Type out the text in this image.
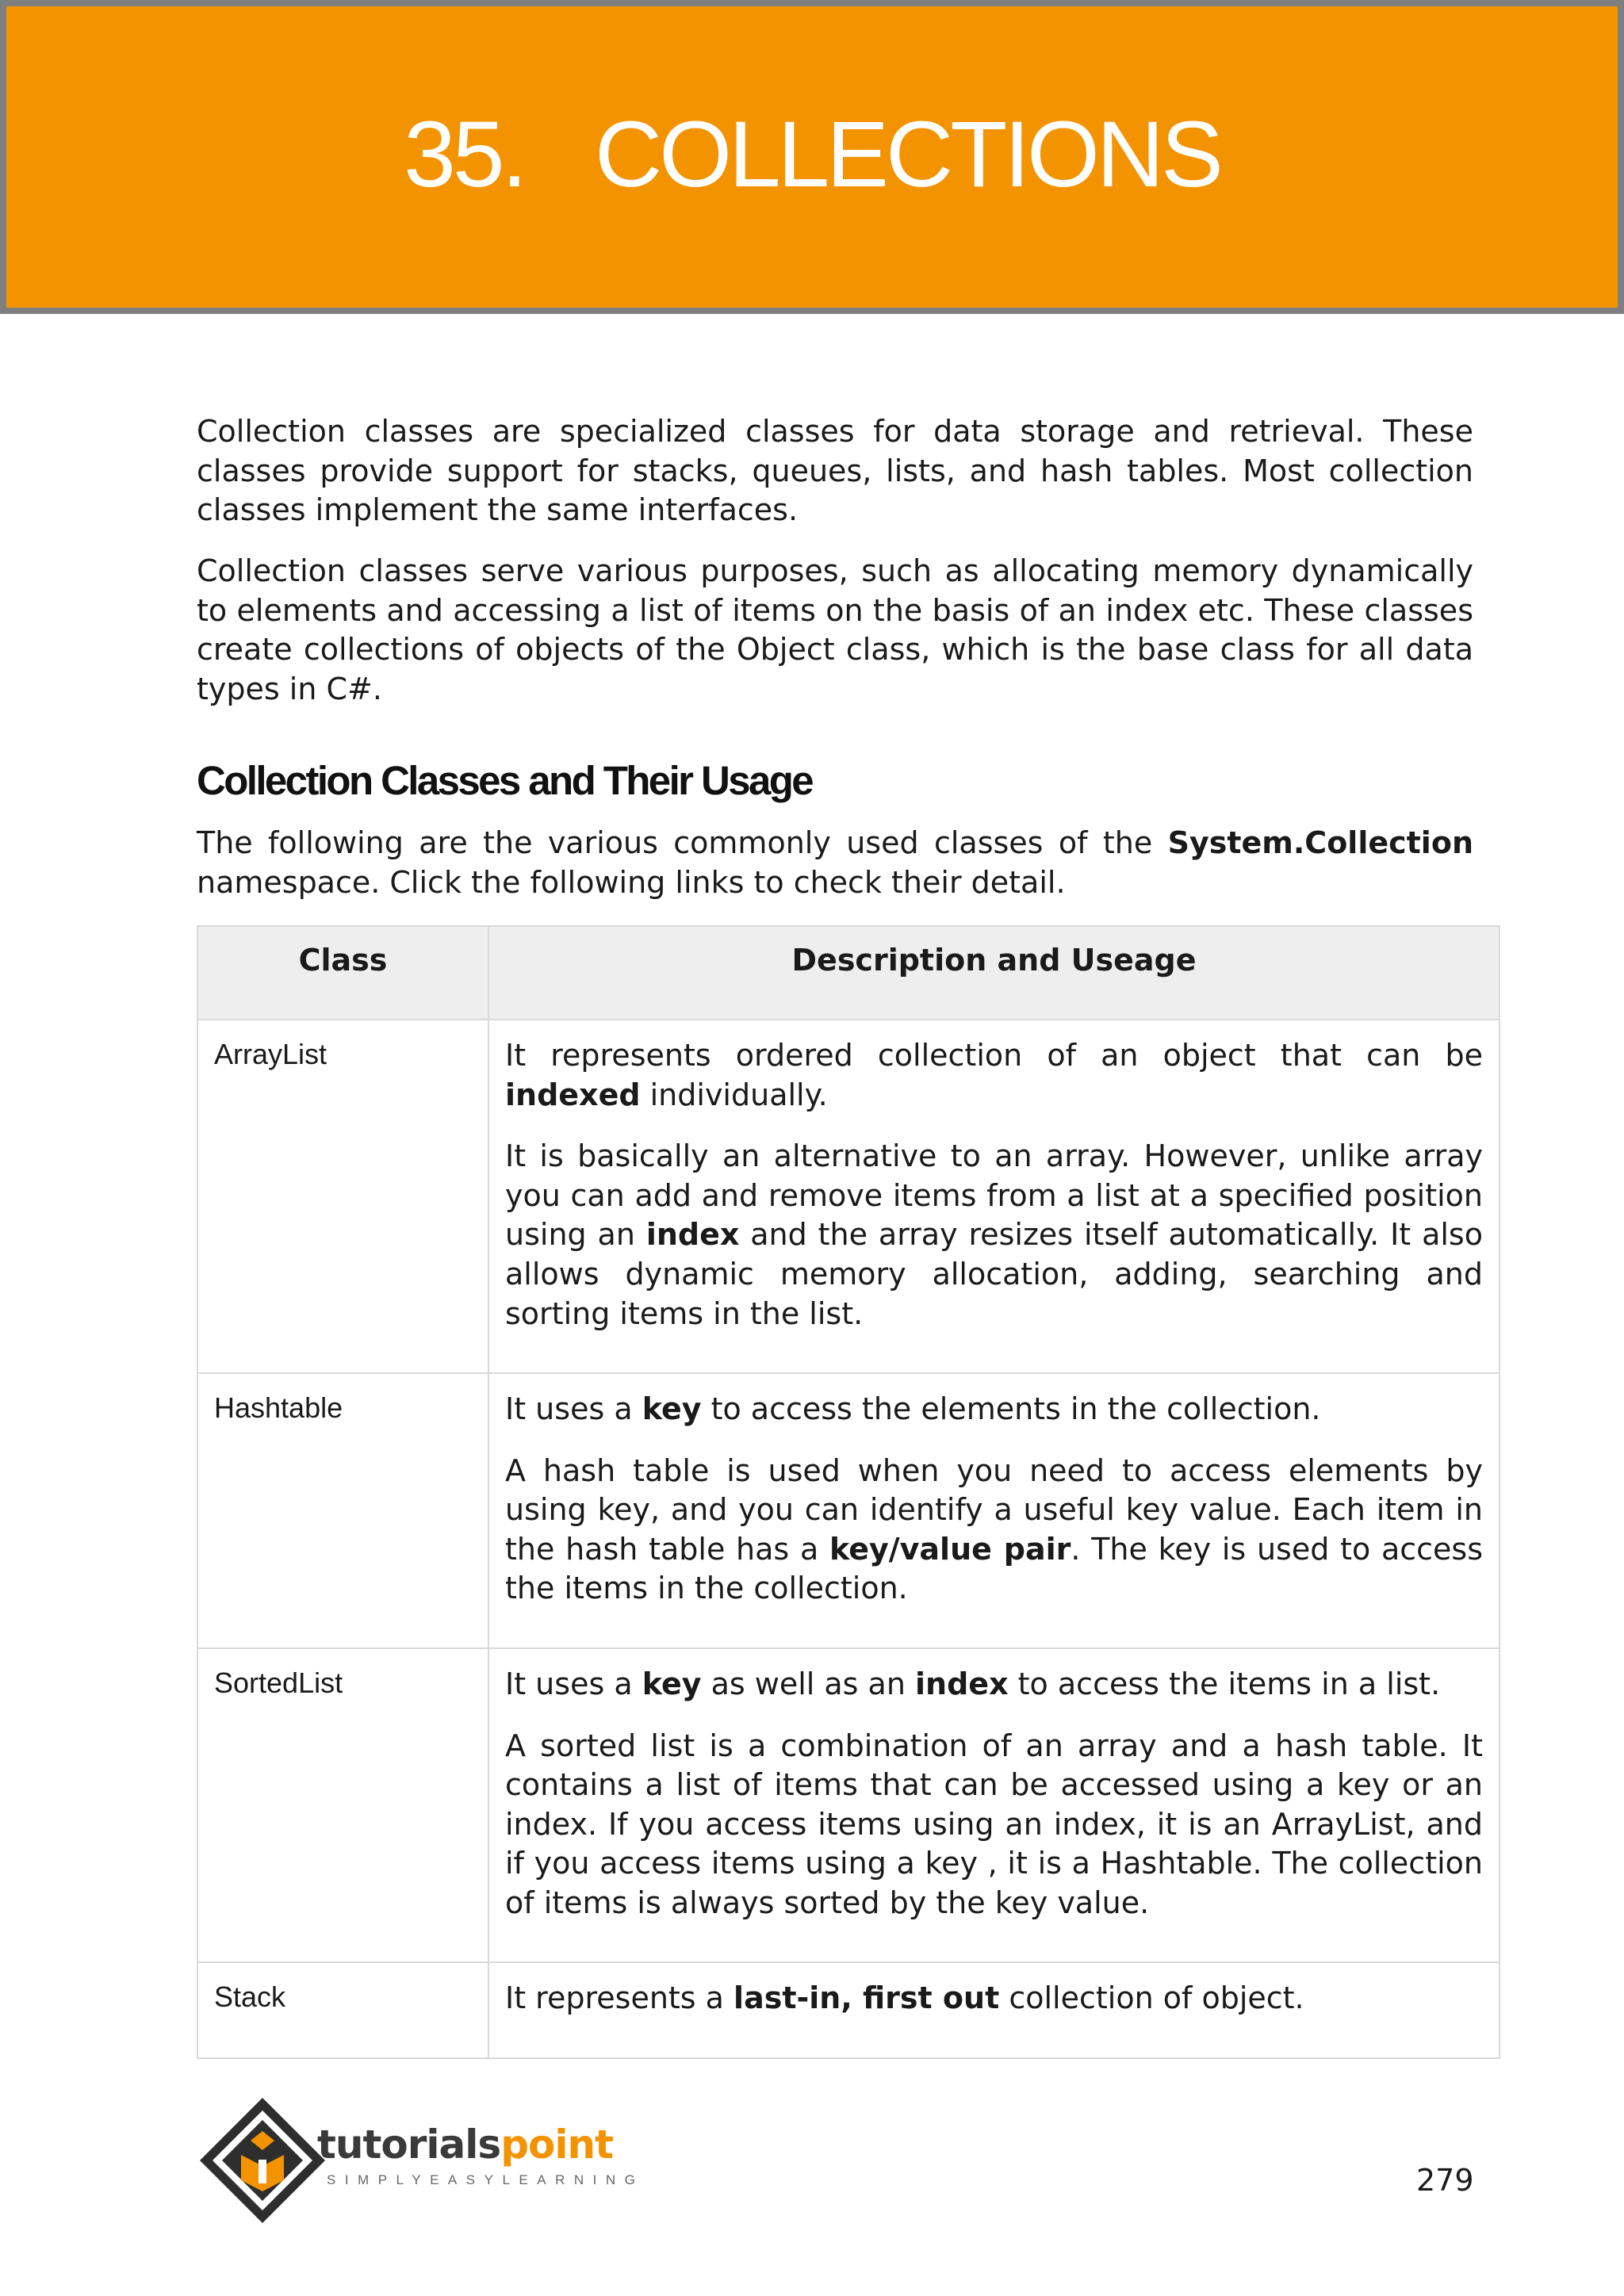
35. COLLECTIONS

Collection classes are specialized classes for data storage and retrieval. These classes provide support for stacks, queues, lists, and hash tables. Most collection classes implement the same interfaces.

Collection classes serve various purposes, such as allocating memory dynamically to elements and accessing a list of items on the basis of an index etc. These classes create collections of objects of the Object class, which is the base class for all data types in C#.

Collection Classes and Their Usage

The following are the various commonly used classes of the System.Collection namespace. Click the following links to check their detail.

Class	Description and Useage
ArrayList	It represents ordered collection of an object that can be indexed individually.

It is basically an alternative to an array. However, unlike array you can add and remove items from a list at a specified position using an index and the array resizes itself automatically. It also allows dynamic memory allocation, adding, searching and sorting items in the list.

Hashtable	It uses a key to access the elements in the collection.

A hash table is used when you need to access elements by using key, and you can identify a useful key value. Each item in the hash table has a key/value pair. The key is used to access the items in the collection.

SortedList	It uses a key as well as an index to access the items in a list.

A sorted list is a combination of an array and a hash table. It contains a list of items that can be accessed using a key or an index. If you access items using an index, it is an ArrayList, and if you access items using a key , it is a Hashtable. The collection of items is always sorted by the key value.

Stack	It represents a last-in, first out collection of object.

tutorialspoint
SIMPLYEASYLEARNING	279
